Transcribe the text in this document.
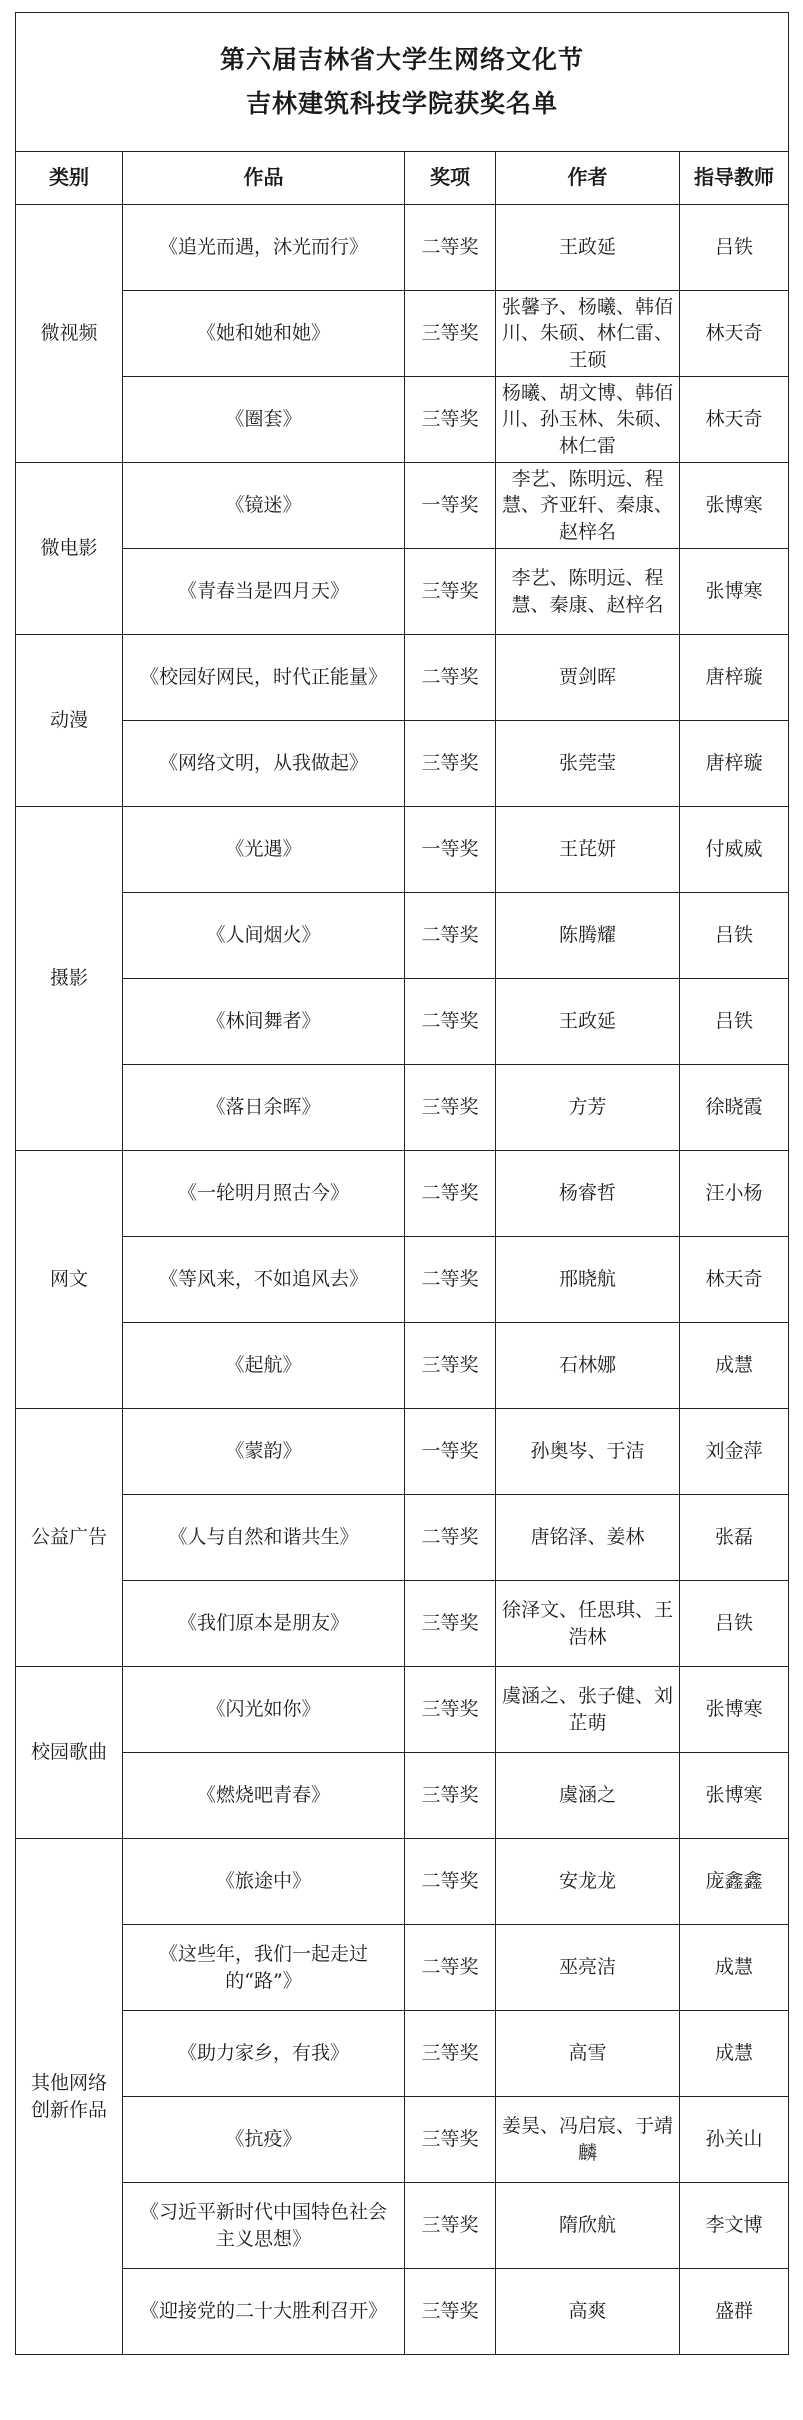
第六届吉林省大学生网络文化节
吉林建筑科技学院获奖名单				

类别	作品	奖项	作者	指导教师
微视频	《追光而遇，沐光而行》	二等奖	王政延	吕铁
	《她和她和她》	三等奖	张馨予、杨曦、韩佰川、朱硕、林仁雷、王硕	林天奇
	《圈套》	三等奖	杨曦、胡文博、韩佰川、孙玉林、朱硕、林仁雷	林天奇
微电影	《镜迷》	一等奖	李艺、陈明远、程 慧、齐亚轩、秦康、赵梓名	张博寒
	《青春当是四月天》	三等奖	李艺、陈明远、程 慧、秦康、赵梓名	张博寒
动漫	《校园好网民，时代正能量》	二等奖	贾剑晖	唐梓璇
	《网络文明，从我做起》	三等奖	张莞莹	唐梓璇
摄影	《光遇》	一等奖	王芘妍	付威威
	《人间烟火》	二等奖	陈腾耀	吕铁
	《林间舞者》	二等奖	王政延	吕铁
	《落日余晖》	三等奖	方芳	徐晓霞
网文	《一轮明月照古今》	二等奖	杨睿哲	汪小杨
	《等风来，不如追风去》	二等奖	邢晓航	林天奇
	《起航》	三等奖	石林娜	成慧
公益广告	《蒙韵》	一等奖	孙奥岑、于洁	刘金萍
	《人与自然和谐共生》	二等奖	唐铭泽、姜林	张磊
	《我们原本是朋友》	三等奖	徐泽文、任思琪、王浩林	吕铁
校园歌曲	《闪光如你》	三等奖	虞涵之、张子健、刘芷萌	张博寒
	《燃烧吧青春》	三等奖	虞涵之	张博寒
其他网络创新作品	《旅途中》	二等奖	安龙龙	庞鑫鑫
	《这些年，我们一起走过的“路”》	二等奖	巫亮洁	成慧
	《助力家乡，有我》	三等奖	高雪	成慧
	《抗疫》	三等奖	姜昊、冯启宸、于靖麟	孙关山
	《习近平新时代中国特色社会主义思想》	三等奖	隋欣航	李文博
	《迎接党的二十大胜利召开》	三等奖	高爽	盛群
